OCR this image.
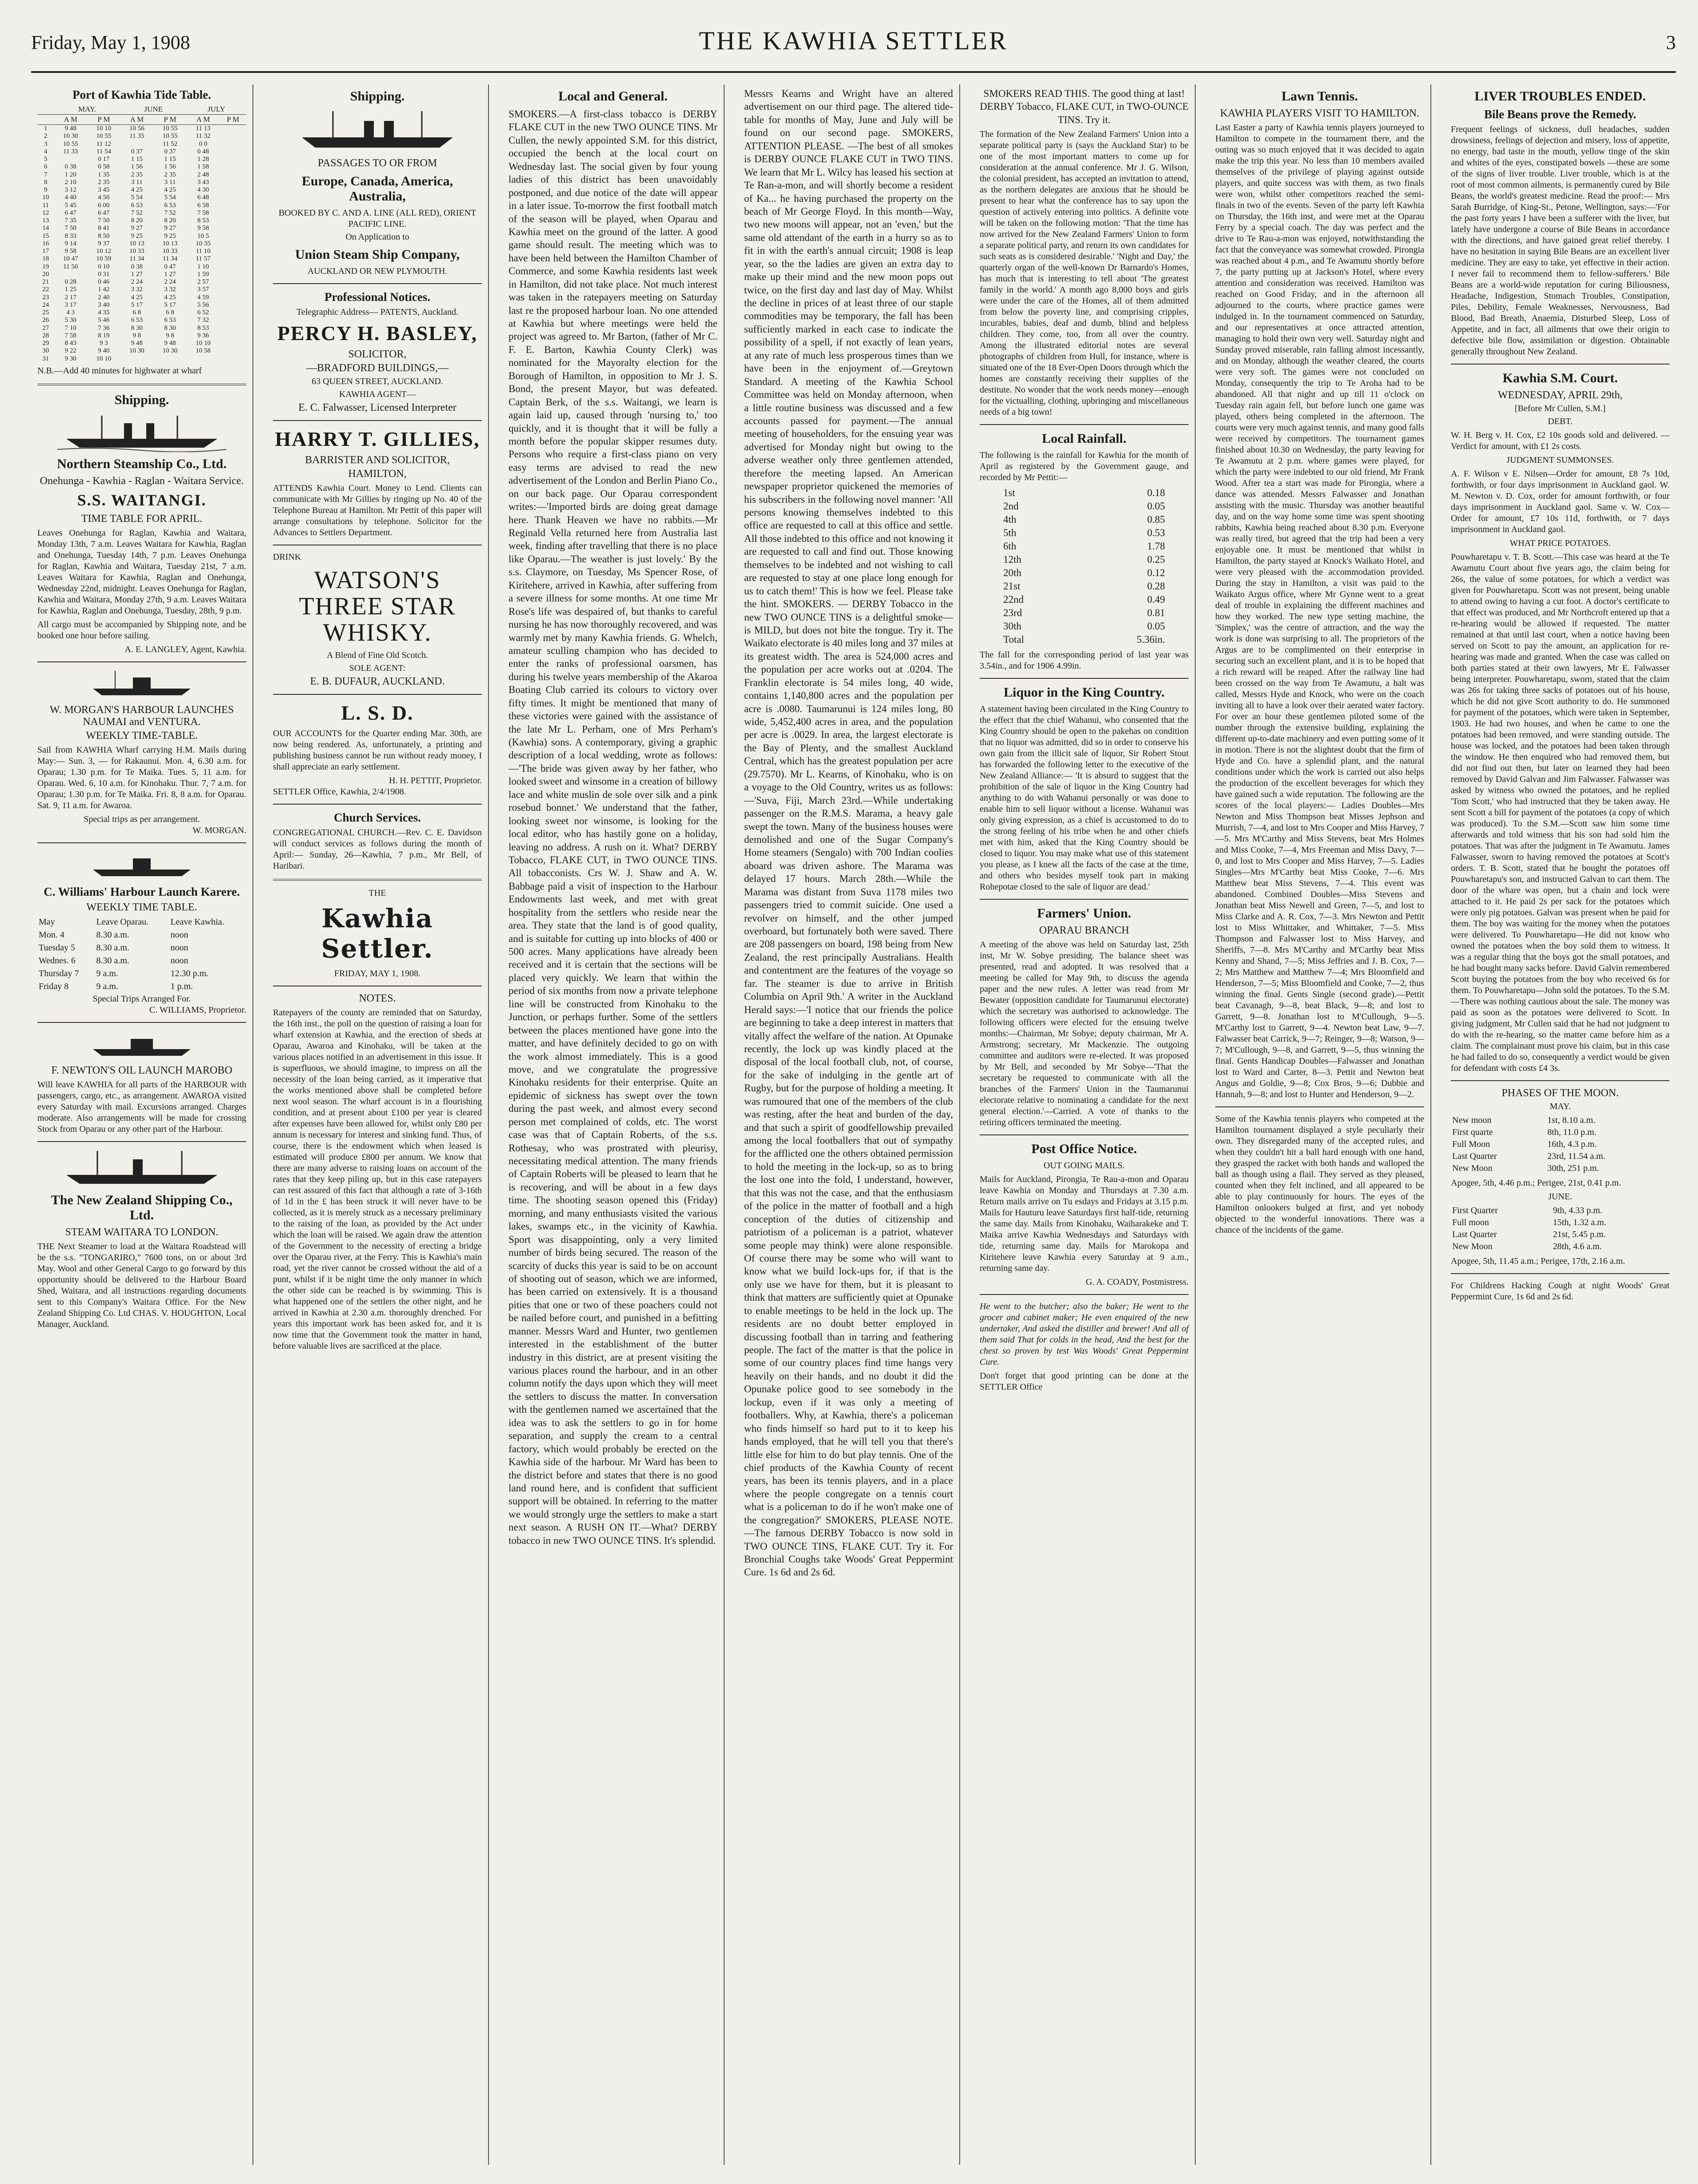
Friday, May 1, 1908	THE KAWHIA SETTLER	3
Port of Kawhia Tide Table.
	MAY.		JUNE		JULY	
	A M	P M	A M	P M	A M	P M
1	9 48	10 10	10 56	10 55	11 13	
2	10 30	10 55	11 35	10 55	11 32	
3	10 55	11 12		11 52	0 0	
4	11 33	11 54	0 37	0 37	0 48	
5		0 17	1 15	1 15	1 28	
6	0 38	0 58	1 56	1 56	1 58	
7	1 20	1 35	2 35	2 35	2 48	
8	2 10	2 35	3 11	3 11	3 43	
9	3 12	3 45	4 25	4 25	4 30	
10	4 40	4 50	5 54	5 54	6 48	
11	5 45	6 00	6 53	6 53	6 58	
12	6 47	6 47	7 52	7 52	7 58	
13	7 35	7 50	8 20	8 20	8 53	
14	7 50	8 41	9 27	9 27	9 58	
15	8 33	8 50	9 25	9 25	10 5	
16	9 14	9 37	10 13	10 13	10 35	
17	9 58	10 12	10 33	10 33	11 10	
18	10 47	10 59	11 34	11 34	11 57	
19	11 50	0 10	0 38	0 47	1 10	
20		0 31	1 27	1 27	1 59	
21	0 28	0 46	2 24	2 24	2 57	
22	1 25	1 42	3 32	3 32	3 57	
23	2 17	2 40	4 25	4 25	4 59	
24	3 17	3 40	5 17	5 17	5 56	
25	4 3	4 35	6 8	6 8	6 52	
26	5 30	5 46	6 53	6 53	7 32	
27	7 10	7 36	8 30	8 30	8 53	
28	7 58	8 19	9 8	9 8	9 36	
29	8 43	9 3	9 48	9 48	10 10	
30	9 22	9 40	10 30	10 30	10 58	
31	9 30	10 10				

N.B.—Add 40 minutes for highwater at wharf

Shipping.
Northern Steamship Co., Ltd.
Onehunga - Kawhia - Raglan - Waitara Service.
S.S. WAITANGI.
TIME TABLE FOR APRIL.

Leaves Onehunga for Raglan, Kawhia and Waitara, Monday 13th, 7 a.m. Leaves Waitara for Kawhia, Raglan and Onehunga, Tuesday 14th, 7 p.m. Leaves Onehunga for Raglan, Kawhia and Waitara, Tuesday 21st, 7 a.m. Leaves Waitara for Kawhia, Raglan and Onehunga, Wednesday 22nd, midnight. Leaves Onehunga for Raglan, Kawhia and Waitara, Monday 27th, 9 a.m. Leaves Waitara for Kawhia, Raglan and Onehunga, Tuesday, 28th, 9 p.m.

All cargo must be accompanied by Shipping note, and be booked one hour before sailing.

A. E. LANGLEY, Agent, Kawhia.
W. MORGAN'S HARBOUR LAUNCHES NAUMAI and VENTURA.
WEEKLY TIME-TABLE.

Sail from KAWHIA Wharf carrying H.M. Mails during May:— Sun. 3, — for Rakaunui. Mon. 4, 6.30 a.m. for Oparau; 1.30 p.m. for Te Maika. Tues. 5, 11 a.m. for Oparau. Wed. 6, 10 a.m. for Kinohaku. Thur. 7, 7 a.m. for Oparau; 1.30 p.m. for Te Maika. Fri. 8, 8 a.m. for Oparau. Sat. 9, 11 a.m. for Awaroa.

Special trips as per arrangement.
W. MORGAN.
C. Williams' Harbour Launch Karere.
WEEKLY TIME TABLE.
May	Leave Oparau.	Leave Kawhia.
Mon. 4	8.30 a.m.	noon
Tuesday 5	8.30 a.m.	noon
Wednes. 6	8.30 a.m.	noon
Thursday 7	9 a.m.	12.30 p.m.
Friday 8	9 a.m.	1 p.m.
Special Trips Arranged For.
C. WILLIAMS, Proprietor.
F. NEWTON'S OIL LAUNCH MAROBO

Will leave KAWHIA for all parts of the HARBOUR with passengers, cargo, etc., as arrangement. AWAROA visited every Saturday with mail. Excursions arranged. Charges moderate. Also arrangements will be made for crossing Stock from Oparau or any other part of the Harbour.

The New Zealand Shipping Co., Ltd.
STEAM WAITARA TO LONDON.

THE Next Steamer to load at the Waitara Roadstead will be the s.s. "TONGARIRO," 7600 tons, on or about 3rd May. Wool and other General Cargo to go forward by this opportunity should be delivered to the Harbour Board Shed, Waitara, and all instructions regarding documents sent to this Company's Waitara Office. For the New Zealand Shipping Co. Ltd CHAS. V. HOUGHTON, Local Manager, Auckland.

Shipping.
PASSAGES TO OR FROM
Europe, Canada, America, Australia,
BOOKED BY C. AND A. LINE (ALL RED), ORIENT PACIFIC LINE.
On Application to
Union Steam Ship Company,
AUCKLAND OR NEW PLYMOUTH.
Professional Notices.
Telegraphic Address— PATENTS, Auckland.
PERCY H. BASLEY,
SOLICITOR,
—BRADFORD BUILDINGS,—
63 QUEEN STREET, AUCKLAND.
KAWHIA AGENT—
E. C. Falwasser, Licensed Interpreter
HARRY T. GILLIES,
BARRISTER AND SOLICITOR,
HAMILTON,

ATTENDS Kawhia Court. Money to Lend. Clients can communicate with Mr Gillies by ringing up No. 40 of the Telephone Bureau at Hamilton. Mr Pettit of this paper will arrange consultations by telephone. Solicitor for the Advances to Settlers Department.

DRINK
WATSON'S THREE STAR WHISKY.
A Blend of Fine Old Scotch.
SOLE AGENT:
E. B. DUFAUR, AUCKLAND.
L. S. D.

OUR ACCOUNTS for the Quarter ending Mar. 30th, are now being rendered. As, unfortunately, a printing and publishing business cannot be run without ready money, I shall appreciate an early settlement.

H. H. PETTIT, Proprietor.
SETTLER Office, Kawhia, 2/4/1908.
Church Services.

CONGREGATIONAL CHURCH.—Rev. C. E. Davidson will conduct services as follows during the month of April:— Sunday, 26—Kawhia, 7 p.m., Mr Bell, of Haribari.

THE
Kawhia Settler.
FRIDAY, MAY 1, 1908.
NOTES.

Ratepayers of the county are reminded that on Saturday, the 16th inst., the poll on the question of raising a loan for wharf extension at Kawhia, and the erection of sheds at Oparau, Awaroa and Kinohaku, will be taken at the various places notified in an advertisement in this issue. It is superfluous, we should imagine, to impress on all the necessity of the loan being carried, as it imperative that the works mentioned above shall be completed before next wool season. The wharf account is in a flourishing condition, and at present about £100 per year is cleared after expenses have been allowed for, whilst only £80 per annum is necessary for interest and sinking fund. Thus, of course, there is the endowment which when leased is estimated will produce £800 per annum. We know that there are many adverse to raising loans on account of the rates that they keep piling up, but in this case ratepayers can rest assured of this fact that although a rate of 3-16th of 1d in the £ has been struck it will never have to be collected, as it is merely struck as a necessary preliminary to the raising of the loan, as provided by the Act under which the loan will be raised. We again draw the attention of the Government to the necessity of erecting a bridge over the Oparau river, at the Ferry. This is Kawhia's main road, yet the river cannot be crossed without the aid of a punt, whilst if it be night time the only manner in which the other side can be reached is by swimming. This is what happened one of the settlers the other night, and he arrived in Kawhia at 2.30 a.m. thoroughly drenched. For years this important work has been asked for, and it is now time that the Government took the matter in hand, before valuable lives are sacrificed at the place.

Local and General.

SMOKERS.—A first-class tobacco is DERBY FLAKE CUT in the new TWO OUNCE TINS. Mr Cullen, the newly appointed S.M. for this district, occupied the bench at the local court on Wednesday last. The social given by four young ladies of this district has been unavoidably postponed, and due notice of the date will appear in a later issue. To-morrow the first football match of the season will be played, when Oparau and Kawhia meet on the ground of the latter. A good game should result. The meeting which was to have been held between the Hamilton Chamber of Commerce, and some Kawhia residents last week in Hamilton, did not take place. Not much interest was taken in the ratepayers meeting on Saturday last re the proposed harbour loan. No one attended at Kawhia but where meetings were held the project was agreed to. Mr Barton, (father of Mr C. F. E. Barton, Kawhia County Clerk) was nominated for the Mayoralty election for the Borough of Hamilton, in opposition to Mr J. S. Bond, the present Mayor, but was defeated. Captain Berk, of the s.s. Waitangi, we learn is again laid up, caused through 'nursing to,' too quickly, and it is thought that it will be fully a month before the popular skipper resumes duty. Persons who require a first-class piano on very easy terms are advised to read the new advertisement of the London and Berlin Piano Co., on our back page. Our Oparau correspondent writes:—'Imported birds are doing great damage here. Thank Heaven we have no rabbits.—Mr Reginald Vella returned here from Australia last week, finding after travelling that there is no place like Oparau.—The weather is just lovely.' By the s.s. Claymore, on Tuesday, Ms Spencer Rose, of Kiritehere, arrived in Kawhia, after suffering from a severe illness for some months. At one time Mr Rose's life was despaired of, but thanks to careful nursing he has now thoroughly recovered, and was warmly met by many Kawhia friends. G. Whelch, amateur sculling champion who has decided to enter the ranks of professional oarsmen, has during his twelve years membership of the Akaroa Boating Club carried its colours to victory over fifty times. It might be mentioned that many of these victories were gained with the assistance of the late Mr L. Perham, one of Mrs Perham's (Kawhia) sons. A contemporary, giving a graphic description of a local wedding, wrote as follows:—'The bride was given away by her father, who looked sweet and winsome in a creation of billowy lace and white muslin de sole over silk and a pink rosebud bonnet.' We understand that the father, looking sweet nor winsome, is looking for the local editor, who has hastily gone on a holiday, leaving no address. A rush on it. What? DERBY Tobacco, FLAKE CUT, in TWO OUNCE TINS. All tobacconists. Crs W. J. Shaw and A. W. Babbage paid a visit of inspection to the Harbour Endowments last week, and met with great hospitality from the settlers who reside near the area. They state that the land is of good quality, and is suitable for cutting up into blocks of 400 or 500 acres. Many applications have already been received and it is certain that the sections will be placed very quickly. We learn that within the period of six months from now a private telephone line will be constructed from Kinohaku to the Junction, or perhaps further. Some of the settlers between the places mentioned have gone into the matter, and have definitely decided to go on with the work almost immediately. This is a good move, and we congratulate the progressive Kinohaku residents for their enterprise. Quite an epidemic of sickness has swept over the town during the past week, and almost every second person met complained of colds, etc. The worst case was that of Captain Roberts, of the s.s. Rothesay, who was prostrated with pleurisy, necessitating medical attention. The many friends of Captain Roberts will be pleased to learn that he is recovering, and will be about in a few days time. The shooting season opened this (Friday) morning, and many enthusiasts visited the various lakes, swamps etc., in the vicinity of Kawhia. Sport was disappointing, only a very limited number of birds being secured. The reason of the scarcity of ducks this year is said to be on account of shooting out of season, which we are informed, has been carried on extensively. It is a thousand pities that one or two of these poachers could not be nailed before court, and punished in a befitting manner. Messrs Ward and Hunter, two gentlemen interested in the establishment of the butter industry in this district, are at present visiting the various places round the harbour, and in an other column notify the days upon which they will meet the settlers to discuss the matter. In conversation with the gentlemen named we ascertained that the idea was to ask the settlers to go in for home separation, and supply the cream to a central factory, which would probably be erected on the Kawhia side of the harbour. Mr Ward has been to the district before and states that there is no good land round here, and is confident that sufficient support will be obtained. In referring to the matter we would strongly urge the settlers to make a start next season. A RUSH ON IT.—What? DERBY tobacco in new TWO OUNCE TINS. It's splendid.

Messrs Kearns and Wright have an altered advertisement on our third page. The altered tide-table for months of May, June and July will be found on our second page. SMOKERS, ATTENTION PLEASE. —The best of all smokes is DERBY OUNCE FLAKE CUT in TWO TINS. We learn that Mr L. Wilcy has leased his section at Te Ran-a-mon, and will shortly become a resident of Ka... he having purchased the property on the beach of Mr George Floyd. In this month—Way, two new moons will appear, not an 'even,' but the same old attendant of the earth in a hurry so as to fit in with the earth's annual circuit; 1908 is leap year, so the the ladies are given an extra day to make up their mind and the new moon pops out twice, on the first day and last day of May. Whilst the decline in prices of at least three of our staple commodities may be temporary, the fall has been sufficiently marked in each case to indicate the possibility of a spell, if not exactly of lean years, at any rate of much less prosperous times than we have been in the enjoyment of.—Greytown Standard. A meeting of the Kawhia School Committee was held on Monday afternoon, when a little routine business was discussed and a few accounts passed for payment.—The annual meeting of householders, for the ensuing year was advertised for Monday night but owing to the adverse weather only three gentlemen attended, therefore the meeting lapsed. An American newspaper proprietor quickened the memories of his subscribers in the following novel manner: 'All persons knowing themselves indebted to this office are requested to call at this office and settle. All those indebted to this office and not knowing it are requested to call and find out. Those knowing themselves to be indebted and not wishing to call are requested to stay at one place long enough for us to catch them!' This is how we feel. Please take the hint. SMOKERS. — DERBY Tobacco in the new TWO OUNCE TINS is a delightful smoke—is MILD, but does not bite the tongue. Try it. The Waikato electorate is 40 miles long and 37 miles at its greatest width. The area is 524,000 acres and the population per acre works out at .0204. The Franklin electorate is 54 miles long, 40 wide, contains 1,140,800 acres and the population per acre is .0080. Taumarunui is 124 miles long, 80 wide, 5,452,400 acres in area, and the population per acre is .0029. In area, the largest electorate is the Bay of Plenty, and the smallest Auckland Central, which has the greatest population per acre (29.7570). Mr L. Kearns, of Kinohaku, who is on a voyage to the Old Country, writes us as follows:—'Suva, Fiji, March 23rd.—While undertaking passenger on the R.M.S. Marama, a heavy gale swept the town. Many of the business houses were demolished and one of the Sugar Company's Home steamers (Sengalo) with 700 Indian coolies aboard was driven ashore. The Marama was delayed 17 hours. March 28th.—While the Marama was distant from Suva 1178 miles two passengers tried to commit suicide. One used a revolver on himself, and the other jumped overboard, but fortunately both were saved. There are 208 passengers on board, 198 being from New Zealand, the rest principally Australians. Health and contentment are the features of the voyage so far. The steamer is due to arrive in British Columbia on April 9th.' A writer in the Auckland Herald says:—'I notice that our friends the police are beginning to take a deep interest in matters that vitally affect the welfare of the nation. At Opunake recently, the lock up was kindly placed at the disposal of the local football club, not, of course, for the sake of indulging in the gentle art of Rugby, but for the purpose of holding a meeting. It was rumoured that one of the members of the club was resting, after the heat and burden of the day, and that such a spirit of goodfellowship prevailed among the local footballers that out of sympathy for the afflicted one the others obtained permission to hold the meeting in the lock-up, so as to bring the lost one into the fold, I understand, however, that this was not the case, and that the enthusiasm of the police in the matter of football and a high conception of the duties of citizenship and patriotism of a policeman is a patriot, whatever some people may think) were alone responsible. Of course there may be some who will want to know what we build lock-ups for, if that is the only use we have for them, but it is pleasant to think that matters are sufficiently quiet at Opunake to enable meetings to be held in the lock up. The residents are no doubt better employed in discussing football than in tarring and feathering people. The fact of the matter is that the police in some of our country places find time hangs very heavily on their hands, and no doubt it did the Opunake police good to see somebody in the lockup, even if it was only a meeting of footballers. Why, at Kawhia, there's a policeman who finds himself so hard put to it to keep his hands employed, that he will tell you that there's little else for him to do but play tennis. One of the chief products of the Kawhia County of recent years, has been its tennis players, and in a place where the people congregate on a tennis court what is a policeman to do if he won't make one of the congregation?' SMOKERS, PLEASE NOTE.—The famous DERBY Tobacco is now sold in TWO OUNCE TINS, FLAKE CUT. Try it. For Bronchial Coughs take Woods' Great Peppermint Cure. 1s 6d and 2s 6d.

SMOKERS READ THIS. The good thing at last! DERBY Tobacco, FLAKE CUT, in TWO-OUNCE TINS. Try it.

The formation of the New Zealand Farmers' Union into a separate political party is (says the Auckland Star) to be one of the most important matters to come up for consideration at the annual conference. Mr J. G. Wilson, the colonial president, has accepted an invitation to attend, as the northern delegates are anxious that he should be present to hear what the conference has to say upon the question of actively entering into politics. A definite vote will be taken on the following motion: 'That the time has now arrived for the New Zealand Farmers' Union to form a separate political party, and return its own candidates for such seats as is considered desirable.' 'Night and Day,' the quarterly organ of the well-known Dr Barnardo's Homes, has much that is interesting to tell about 'The greatest family in the world.' A month ago 8,000 boys and girls were under the care of the Homes, all of them admitted from below the poverty line, and comprising cripples, incurables, babies, deaf and dumb, blind and helpless children. They come, too, from all over the country. Among the illustrated editorial notes are several photographs of children from Hull, for instance, where is situated one of the 18 Ever-Open Doors through which the homes are constantly receiving their supplies of the destitute. No wonder that the work needs money—enough for the victualling, clothing, upbringing and miscellaneous needs of a big town!

Local Rainfall.

The following is the rainfall for Kawhia for the month of April as registered by the Government gauge, and recorded by Mr Pettit:—

1st	0.18
2nd	0.05
4th	0.85
5th	0.53
6th	1.78
12th	0.25
20th	0.12
21st	0.28
22nd	0.49
23rd	0.81
30th	0.05
Total	5.36in.

The fall for the corresponding period of last year was 3.54in., and for 1906 4.99in.

Liquor in the King Country.

A statement having been circulated in the King Country to the effect that the chief Wahanui, who consented that the King Country should be open to the pakehas on condition that no liquor was admitted, did so in order to conserve his own gain from the illicit sale of liquor, Sir Robert Stout has forwarded the following letter to the executive of the New Zealand Alliance:— 'It is absurd to suggest that the prohibition of the sale of liquor in the King Country had anything to do with Wahanui personally or was done to enable him to sell liquor without a license. Wahanui was only giving expression, as a chief is accustomed to do to the strong feeling of his tribe when he and other chiefs met with him, asked that the King Country should be closed to liquor. You may make what use of this statement you please, as I knew all the facts of the case at the time, and others who besides myself took part in making Rohepotae closed to the sale of liquor are dead.'

Farmers' Union.
OPARAU BRANCH

A meeting of the above was held on Saturday last, 25th inst, Mr W. Sobye presiding. The balance sheet was presented, read and adopted. It was resolved that a meeting be called for May 9th, to discuss the agenda paper and the new rules. A letter was read from Mr Bewater (opposition candidate for Taumarunui electorate) which the secretary was authorised to acknowledge. The following officers were elected for the ensuing twelve months:—Chairman, Mr Sobye; deputy chairman, Mr A. Armstrong; secretary, Mr Mackenzie. The outgoing committee and auditors were re-elected. It was proposed by Mr Bell, and seconded by Mr Sobye—'That the secretary be requested to communicate with all the branches of the Farmers' Union in the Taumarunui electorate relative to nominating a candidate for the next general election.'—Carried. A vote of thanks to the retiring officers terminated the meeting.

Post Office Notice.
OUT GOING MAILS.

Mails for Auckland, Pirongia, Te Rau-a-mon and Oparau leave Kawhia on Monday and Thursdays at 7.30 a.m. Return mails arrive on Tu esdays and Fridays at 3.15 p.m. Mails for Hauturu leave Saturdays first half-tide, returning the same day. Mails from Kinohaku, Waiharakeke and T. Maika arrive Kawhia Wednesdays and Saturdays with tide, returning same day. Mails for Marokopa and Kiritehere leave Kawhia every Saturday at 9 a.m., returning same day.

G. A. COADY, Postmistress.

He went to the butcher; also the baker; He went to the grocer and cabinet maker; He even enquired of the new undertaker, And asked the distiller and brewer! And all of them said That for colds in the head, And the best for the chest so proven by test Was Woods' Great Peppermint Cure.

Don't forget that good printing can be done at the SETTLER Office

Lawn Tennis.
KAWHIA PLAYERS VISIT TO HAMILTON.

Last Easter a party of Kawhia tennis players journeyed to Hamilton to compete in the tournament there, and the outing was so much enjoyed that it was decided to again make the trip this year. No less than 10 members availed themselves of the privilege of playing against outside players, and quite success was with them, as two finals were won, whilst other competitors reached the semi-finals in two of the events. Seven of the party left Kawhia on Thursday, the 16th inst, and were met at the Oparau Ferry by a special coach. The day was perfect and the drive to Te Rau-a-mon was enjoyed, notwithstanding the fact that the conveyance was somewhat crowded. Pirongia was reached about 4 p.m., and Te Awamutu shortly before 7, the party putting up at Jackson's Hotel, where every attention and consideration was received. Hamilton was reached on Good Friday, and in the afternoon all adjourned to the courts, where practice games were indulged in. In the tournament commenced on Saturday, and our representatives at once attracted attention, managing to hold their own very well. Saturday night and Sunday proved miserable, rain falling almost incessantly, and on Monday, although the weather cleared, the courts were very soft. The games were not concluded on Monday, consequently the trip to Te Aroha had to be abandoned. All that night and up till 11 o'clock on Tuesday rain again fell, but before lunch one game was played, others being completed in the afternoon. The courts were very much against tennis, and many good falls were received by competitors. The tournament games finished about 10.30 on Wednesday, the party leaving for Te Awamutu at 2 p.m. where games were played, for which the party were indebted to our old friend, Mr Frank Wood. After tea a start was made for Pirongia, where a dance was attended. Messrs Falwasser and Jonathan assisting with the music. Thursday was another beautiful day, and on the way home some time was spent shooting rabbits, Kawhia being reached about 8.30 p.m. Everyone was really tired, but agreed that the trip had been a very enjoyable one. It must be mentioned that whilst in Hamilton, the party stayed at Knock's Waikato Hotel, and were very pleased with the accommodation provided. During the stay in Hamilton, a visit was paid to the Waikato Argus office, where Mr Gynne went to a great deal of trouble in explaining the different machines and how they worked. The new type setting machine, the 'Simplex,' was the centre of attraction, and the way the work is done was surprising to all. The proprietors of the Argus are to be complimented on their enterprise in securing such an excellent plant, and it is to be hoped that a rich reward will be reaped. After the railway line had been crossed on the way from Te Awamutu, a halt was called, Messrs Hyde and Knock, who were on the coach inviting all to have a look over their aerated water factory. For over an hour these gentlemen piloted some of the number through the extensive building, explaining the different up-to-date machinery and even putting some of it in motion. There is not the slightest doubt that the firm of Hyde and Co. have a splendid plant, and the natural conditions under which the work is carried out also helps the production of the excellent beverages for which they have gained such a wide reputation. The following are the scores of the local players:— Ladies Doubles—Mrs Newton and Miss Thompson beat Misses Jephson and Murrish, 7—4, and lost to Mrs Cooper and Miss Harvey, 7—5. Mrs M'Carthy and Miss Stevens, beat Mrs Holmes and Miss Cooke, 7—4, Mrs Freeman and Miss Davy, 7—0, and lost to Mrs Cooper and Miss Harvey, 7—5. Ladies Singles—Mrs M'Carthy beat Miss Cooke, 7—6. Mrs Matthew beat Miss Stevens, 7—4. This event was abandoned. Combined Doubles—Miss Stevens and Jonathan beat Miss Newell and Green, 7—5, and lost to Miss Clarke and A. R. Cox, 7—3. Mrs Newton and Pettit lost to Miss Whittaker, and Whittaker, 7—5. Miss Thompson and Falwasser lost to Miss Harvey, and Sheriffs, 7—8. Mrs M'Carthy and M'Carthy beat Miss Kenny and Shand, 7—5; Miss Jeffries and J. B. Cox, 7—2; Mrs Matthew and Matthew 7—4; Mrs Bloomfield and Henderson, 7—5; Miss Bloomfield and Cooke, 7—2, thus winning the final. Gents Single (second grade).—Pettit beat Cavanagh, 9—8, beat Black, 9—8; and lost to Garrett, 9—8. Jonathan lost to M'Cullough, 9—5. M'Carthy lost to Garrett, 9—4. Newton beat Law, 9—7. Falwasser beat Carrick, 9—7; Reinger, 9—8; Watson, 9—7; M'Cullough, 9—8, and Garrett, 9—5, thus winning the final. Gents Handicap Doubles—Falwasser and Jonathan lost to Ward and Carter, 8—3. Pettit and Newton beat Angus and Goldie, 9—8; Cox Bros, 9—6; Dubbie and Hannah, 9—8; and lost to Hunter and Henderson, 9—2.

Some of the Kawhia tennis players who competed at the Hamilton tournament displayed a style peculiarly their own. They disregarded many of the accepted rules, and when they couldn't hit a ball hard enough with one hand, they grasped the racket with both hands and walloped the ball as though using a flail. They served as they pleased, counted when they felt inclined, and all appeared to be able to play continuously for hours. The eyes of the Hamilton onlookers bulged at first, and yet nobody objected to the wonderful innovations. There was a chance of the incidents of the game.

LIVER TROUBLES ENDED.
Bile Beans prove the Remedy.

Frequent feelings of sickness, dull headaches, sudden drowsiness, feelings of dejection and misery, loss of appetite, no energy, bad taste in the mouth, yellow tinge of the skin and whites of the eyes, constipated bowels —these are some of the signs of liver trouble. Liver trouble, which is at the root of most common ailments, is permanently cured by Bile Beans, the world's greatest medicine. Read the proof:— Mrs Sarah Burridge, of King-St., Petone, Wellington, says:—'For the past forty years I have been a sufferer with the liver, but lately have undergone a course of Bile Beans in accordance with the directions, and have gained great relief thereby. I have no hesitation in saying Bile Beans are an excellent liver medicine. They are easy to take, yet effective in their action. I never fail to recommend them to fellow-sufferers.' Bile Beans are a world-wide reputation for curing Biliousness, Headache, Indigestion, Stomach Troubles, Constipation, Piles, Debility, Female Weaknesses, Nervousness, Bad Blood, Bad Breath, Anaemia, Disturbed Sleep, Loss of Appetite, and in fact, all ailments that owe their origin to defective bile flow, assimilation or digestion. Obtainable generally throughout New Zealand.

Kawhia S.M. Court.
WEDNESDAY, APRIL 29th,
[Before Mr Cullen, S.M.]
DEBT.

W. H. Berg v. H. Cox, £2 10s goods sold and delivered. — Verdict for amount, with £1 2s costs.

JUDGMENT SUMMONSES.

A. F. Wilson v E. Nilsen—Order for amount, £8 7s 10d, forthwith, or four days imprisonment in Auckland gaol. W. M. Newton v. D. Cox, order for amount forthwith, or four days imprisonment in Auckland gaol. Same v. W. Cox—Order for amount, £7 10s 11d, forthwith, or 7 days imprisonment in Auckland gaol.

WHAT PRICE POTATOES.

Pouwharetapu v. T. B. Scott.—This case was heard at the Te Awamutu Court about five years ago, the claim being for 26s, the value of some potatoes, for which a verdict was given for Pouwharetapu. Scott was not present, being unable to attend owing to having a cut foot. A doctor's certificate to that effect was produced, and Mr Northcroft entered up that a re-hearing would be allowed if requested. The matter remained at that until last court, when a notice having been served on Scott to pay the amount, an application for re-hearing was made and granted. When the case was called on both parties stated at their own lawyers, Mr E. Falwasser being interpreter. Pouwharetapu, sworn, stated that the claim was 26s for taking three sacks of potatoes out of his house, which he did not give Scott authority to do. He summoned for payment of the potatoes, which were taken in September, 1903. He had two houses, and when he came to one the potatoes had been removed, and were standing outside. The house was locked, and the potatoes had been taken through the window. He then enquired who had removed them, but did not find out then, but later on learned they had been removed by David Galvan and Jim Falwasser. Falwasser was asked by witness who owned the potatoes, and he replied 'Tom Scott,' who had instructed that they be taken away. He sent Scott a bill for payment of the potatoes (a copy of which was produced). To the S.M.—Scott saw him some time afterwards and told witness that his son had sold him the potatoes. That was after the judgment in Te Awamutu. James Falwasser, sworn to having removed the potatoes at Scott's orders. T. B. Scott, stated that he bought the potatoes off Pouwharetapu's son, and instructed Galvan to cart them. The door of the whare was open, but a chain and lock were attached to it. He paid 2s per sack for the potatoes which were only pig potatoes. Galvan was present when he paid for them. The boy was waiting for the money when the potatoes were delivered. To Pouwharetapu—He did not know who owned the potatoes when the boy sold them to witness. It was a regular thing that the boys got the small potatoes, and he had bought many sacks before. David Galvin remembered Scott buying the potatoes from the boy who received 6s for them. To Pouwharetapu—John sold the potatoes. To the S.M.—There was nothing cautious about the sale. The money was paid as soon as the potatoes were delivered to Scott. In giving judgment, Mr Cullen said that he had not judgment to do with the re-hearing, so the matter came before him as a claim. The complainant must prove his claim, but in this case he had failed to do so, consequently a verdict would be given for defendant with costs £4 3s.

PHASES OF THE MOON.
MAY.
New moon	1st, 8.10 a.m.
First quarte	8th, 11.0 p.m.
Full Moon	16th, 4.3 p.m.
Last Quarter	23rd, 11.54 a.m.
New Moon	30th, 251 p.m.

Apogee, 5th, 4.46 p.m.; Perigee, 21st, 0.41 p.m.

JUNE.
First Quarter	9th, 4.33 p.m.
Full moon	15th, 1.32 a.m.
Last Quarter	21st, 5.45 p.m.
New Moon	28th, 4.6 a.m.

Apogee, 5th, 11.45 a.m.; Perigee, 17th, 2.16 a.m.

For Childrens Hacking Cough at night Woods' Great Peppermint Cure, 1s 6d and 2s 6d.
